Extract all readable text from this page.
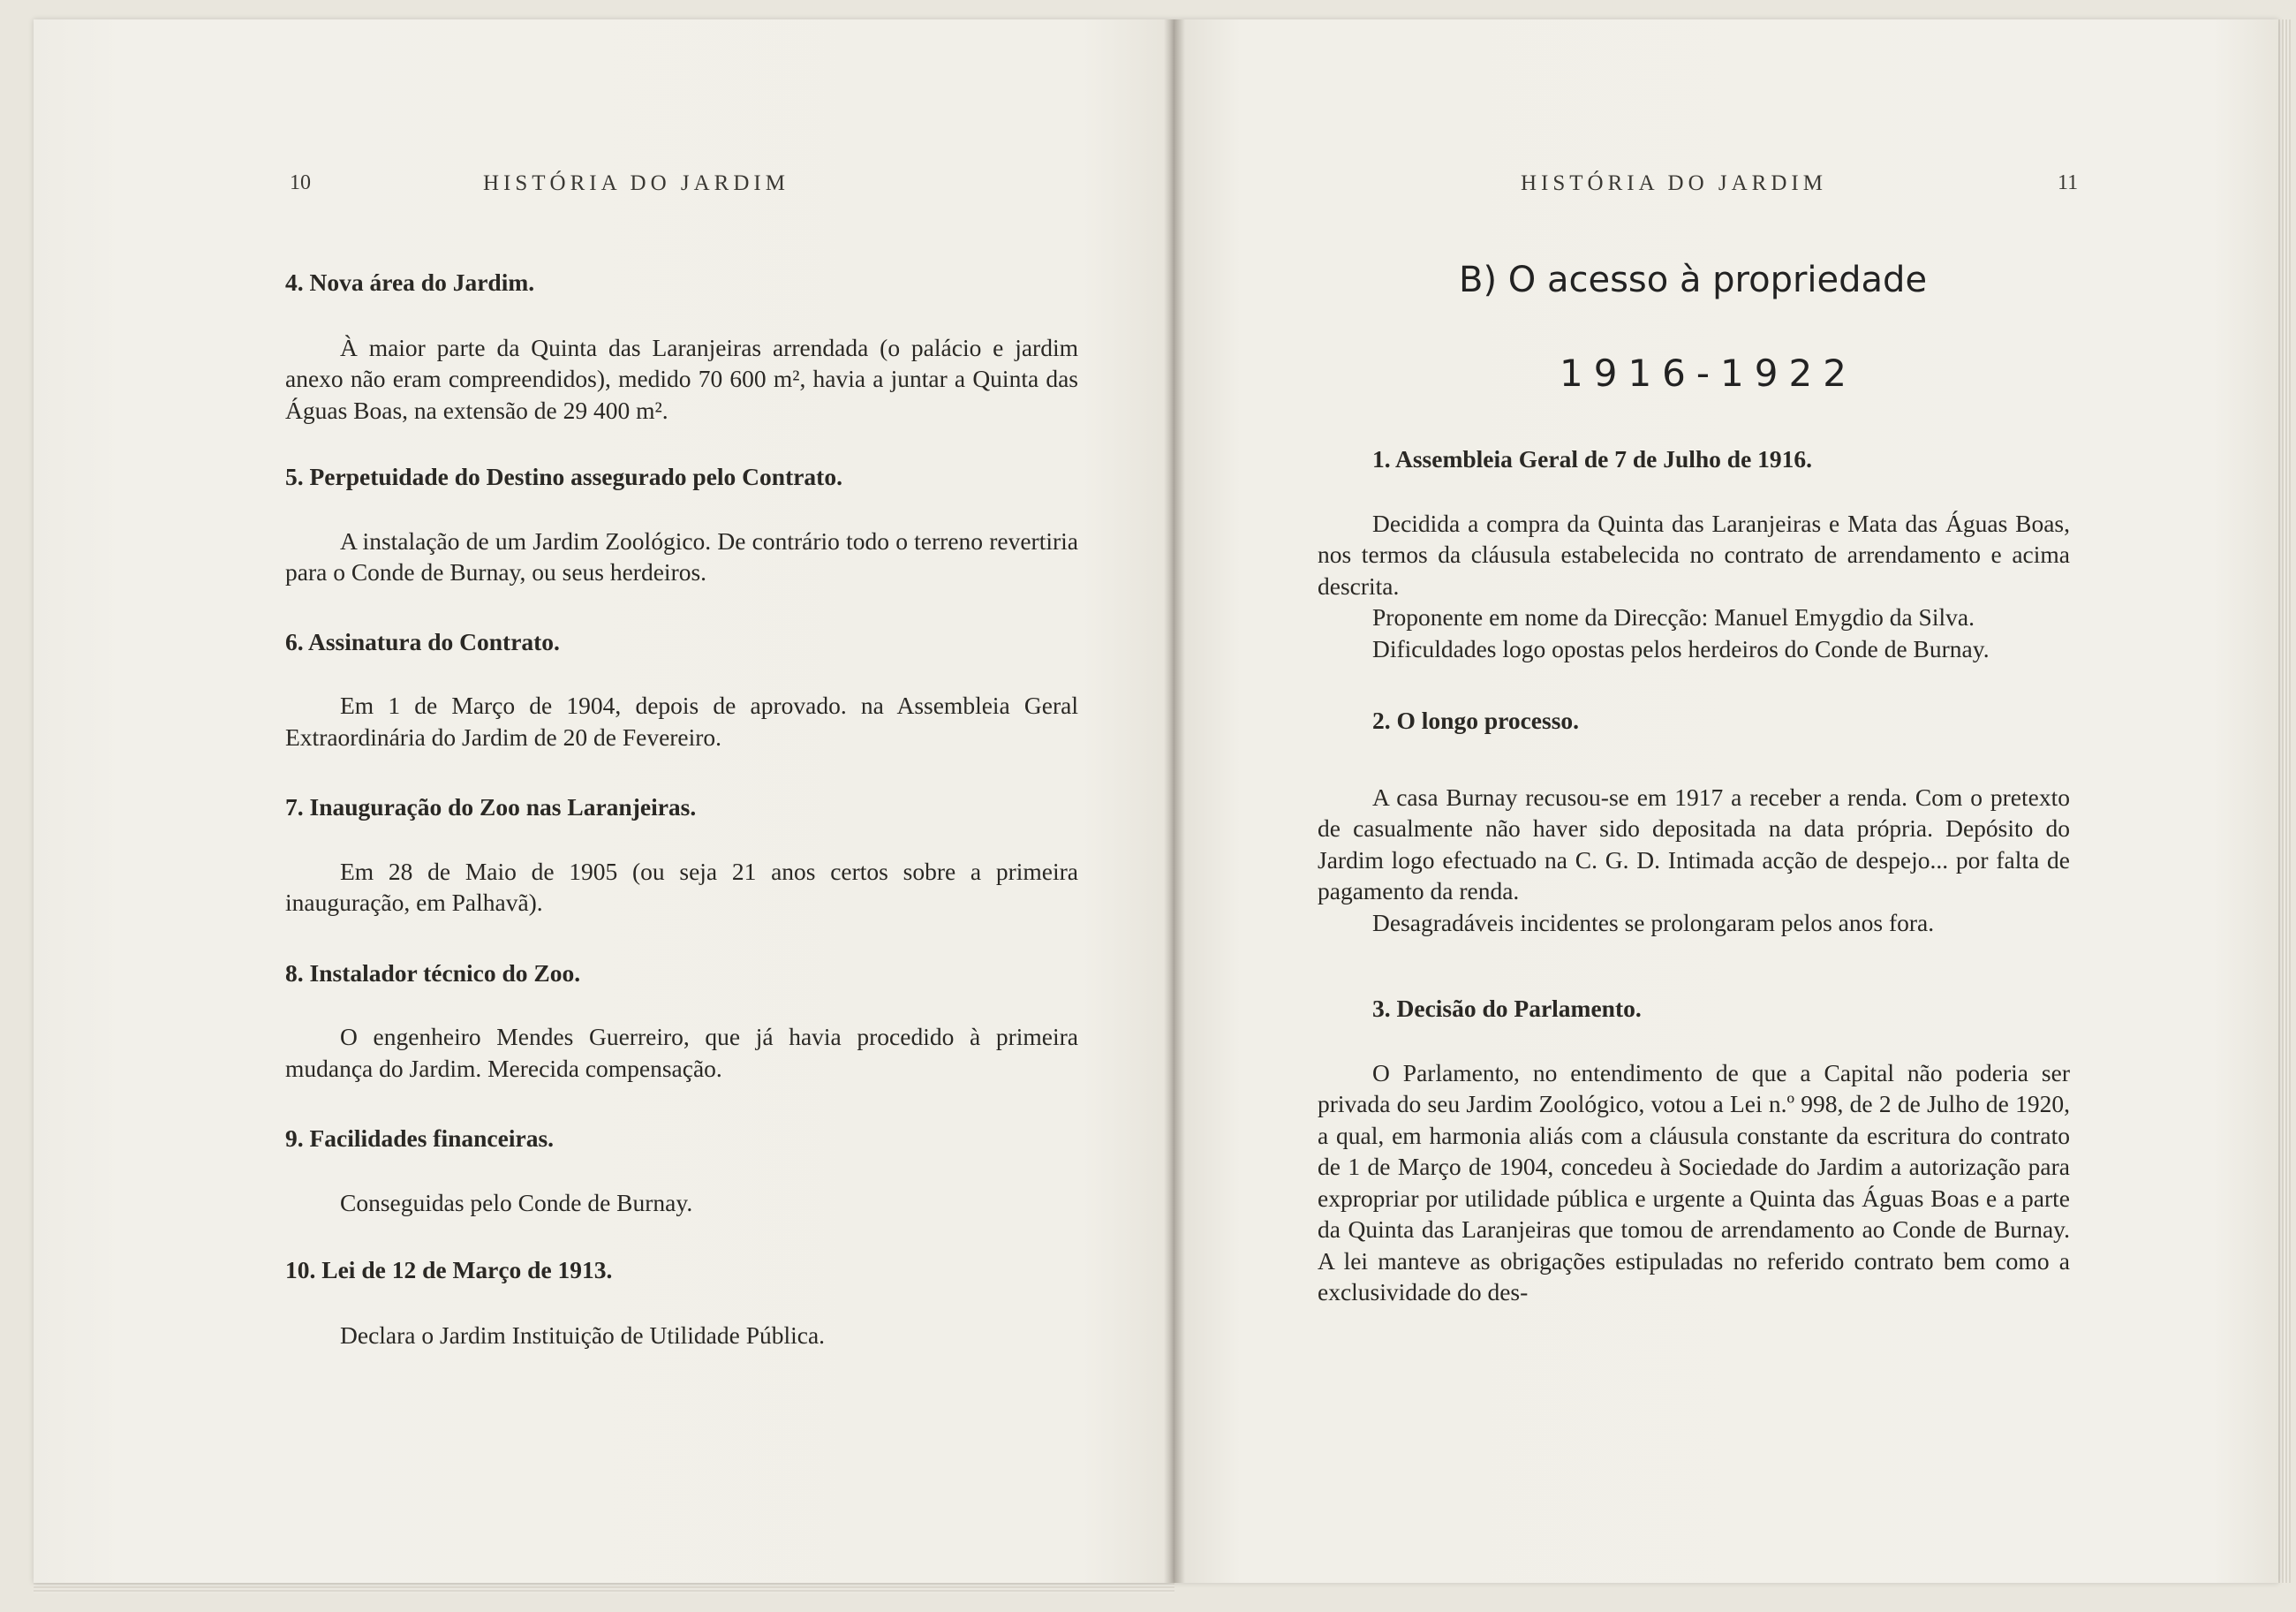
10	HISTÓRIA DO JARDIM

4. Nova área do Jardim.

À maior parte da Quinta das Laranjeiras arrendada (o palácio e jardim anexo não eram compreendidos), medido 70 600 m², havia a juntar a Quinta das Águas Boas, na extensão de 29 400 m².

5. Perpetuidade do Destino assegurado pelo Contrato.

A instalação de um Jardim Zoológico. De contrário todo o terreno revertiria para o Conde de Burnay, ou seus herdeiros.

6. Assinatura do Contrato.

Em 1 de Março de 1904, depois de aprovado. na Assembleia Geral Extraordinária do Jardim de 20 de Fevereiro.

7. Inauguração do Zoo nas Laranjeiras.

Em 28 de Maio de 1905 (ou seja 21 anos certos sobre a primeira inauguração, em Palhavã).

8. Instalador técnico do Zoo.

O engenheiro Mendes Guerreiro, que já havia procedido à primeira mudança do Jardim. Merecida compensação.

9. Facilidades financeiras.

Conseguidas pelo Conde de Burnay.

10. Lei de 12 de Março de 1913.

Declara o Jardim Instituição de Utilidade Pública.

HISTÓRIA DO JARDIM	11
B) O acesso à propriedade
1916-1922

1. Assembleia Geral de 7 de Julho de 1916.

Decidida a compra da Quinta das Laranjeiras e Mata das Águas Boas, nos termos da cláusula estabelecida no contrato de arrendamento e acima descrita.

Proponente em nome da Direcção: Manuel Emygdio da Silva.

Dificuldades logo opostas pelos herdeiros do Conde de Burnay.

2. O longo processo.

A casa Burnay recusou-se em 1917 a receber a renda. Com o pretexto de casualmente não haver sido depositada na data própria. Depósito do Jardim logo efectuado na C. G. D. Intimada acção de despejo... por falta de pagamento da renda.

Desagradáveis incidentes se prolongaram pelos anos fora.

3. Decisão do Parlamento.

O Parlamento, no entendimento de que a Capital não poderia ser privada do seu Jardim Zoológico, votou a Lei n.º 998, de 2 de Julho de 1920, a qual, em harmonia aliás com a cláusula constante da escritura do contrato de 1 de Março de 1904, concedeu à Sociedade do Jardim a autorização para expropriar por utilidade pública e urgente a Quinta das Águas Boas e a parte da Quinta das Laranjeiras que tomou de arrendamento ao Conde de Burnay. A lei manteve as obrigações estipuladas no referido contrato bem como a exclusividade do des-
